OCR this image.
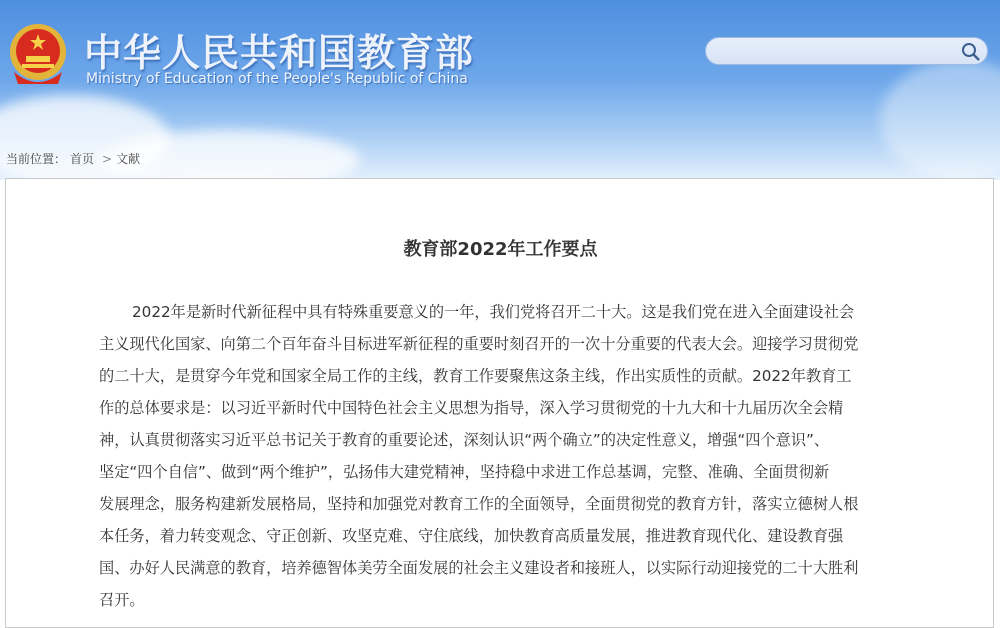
中华人民共和国教育部
Ministry of Education of the People's Republic of China
当前位置： 首页 > 文献
教育部2022年工作要点
2022年是新时代新征程中具有特殊重要意义的一年，我们党将召开二十大。这是我们党在进入全面建设社会
主义现代化国家、向第二个百年奋斗目标进军新征程的重要时刻召开的一次十分重要的代表大会。迎接学习贯彻党
的二十大，是贯穿今年党和国家全局工作的主线，教育工作要聚焦这条主线，作出实质性的贡献。2022年教育工
作的总体要求是：以习近平新时代中国特色社会主义思想为指导，深入学习贯彻党的十九大和十九届历次全会精
神，认真贯彻落实习近平总书记关于教育的重要论述，深刻认识“两个确立”的决定性意义，增强“四个意识”、
坚定“四个自信”、做到“两个维护”，弘扬伟大建党精神，坚持稳中求进工作总基调，完整、准确、全面贯彻新
发展理念，服务构建新发展格局，坚持和加强党对教育工作的全面领导，全面贯彻党的教育方针，落实立德树人根
本任务，着力转变观念、守正创新、攻坚克难、守住底线，加快教育高质量发展，推进教育现代化、建设教育强
国、办好人民满意的教育，培养德智体美劳全面发展的社会主义建设者和接班人，以实际行动迎接党的二十大胜利
召开。
